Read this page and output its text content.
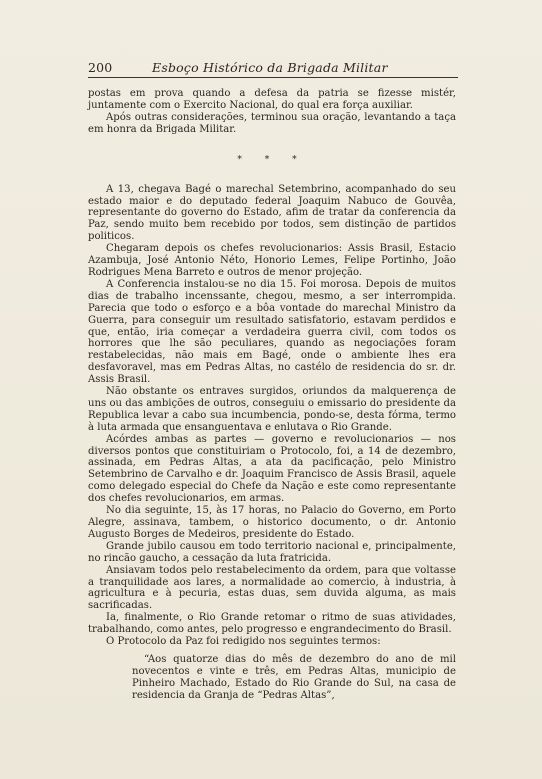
200	Esboço Histórico da Brigada Militar

postas em prova quando a defesa da patria se fizesse mistér, juntamente com o Exercito Nacional, do qual era força auxiliar.

Após outras considerações, terminou sua oração, levantando a taça em honra da Brigada Militar.

* * *

A 13, chegava Bagé o marechal Setembrino, acompanhado do seu estado maior e do deputado federal Joaquim Nabuco de Gouvêa, representante do governo do Estado, afim de tratar da conferencia da Paz, sendo muito bem recebido por todos, sem distinção de partidos politicos.

Chegaram depois os chefes revolucionarios: Assis Brasil, Estacio Azambuja, José Antonio Néto, Honorio Lemes, Felipe Portinho, João Rodrigues Mena Barreto e outros de menor projeção.

A Conferencia instalou-se no dia 15. Foi morosa. Depois de muitos dias de trabalho incenssante, chegou, mesmo, a ser interrompida. Parecia que todo o esforço e a bôa vontade do marechal Ministro da Guerra, para conseguir um resultado satisfatorio, estavam perdidos e que, então, iria começar a verdadeira guerra civil, com todos os horrores que lhe são peculiares, quando as negociações foram restabelecidas, não mais em Bagé, onde o ambiente lhes era desfavoravel, mas em Pedras Altas, no castélo de residencia do sr. dr. Assis Brasil.

Não obstante os entraves surgidos, oriundos da malquerença de uns ou das ambições de outros, conseguiu o emissario do presidente da Republica levar a cabo sua incumbencia, pondo-se, desta fórma, termo à luta armada que ensanguentava e enlutava o Rio Grande.

Acórdes ambas as partes — governo e revolucionarios — nos diversos pontos que constituiriam o Protocolo, foi, a 14 de dezembro, assinada, em Pedras Altas, a ata da pacificação, pelo Ministro Setembrino de Carvalho e dr. Joaquim Francisco de Assis Brasil, aquele como delegado especial do Chefe da Nação e este como representante dos chefes revolucionarios, em armas.

No dia seguinte, 15, às 17 horas, no Palacio do Governo, em Porto Alegre, assinava, tambem, o historico documento, o dr. Antonio Augusto Borges de Medeiros, presidente do Estado.

Grande jubilo causou em todo territorio nacional e, principalmente, no rincão gaucho, a cessação da luta fratricida.

Ansiavam todos pelo restabelecimento da ordem, para que voltasse a tranquilidade aos lares, a normalidade ao comercio, à industria, à agricultura e à pecuria, estas duas, sem duvida alguma, as mais sacrificadas.

Ia, finalmente, o Rio Grande retomar o ritmo de suas atividades, trabalhando, como antes, pelo progresso e engrandecimento do Brasil.

O Protocolo da Paz foi redigido nos seguintes termos:

“Aos quatorze dias do mês de dezembro do ano de mil novecentos e vinte e três, em Pedras Altas, municipio de Pinheiro Machado, Estado do Rio Grande do Sul, na casa de residencia da Granja de “Pedras Altas”,
